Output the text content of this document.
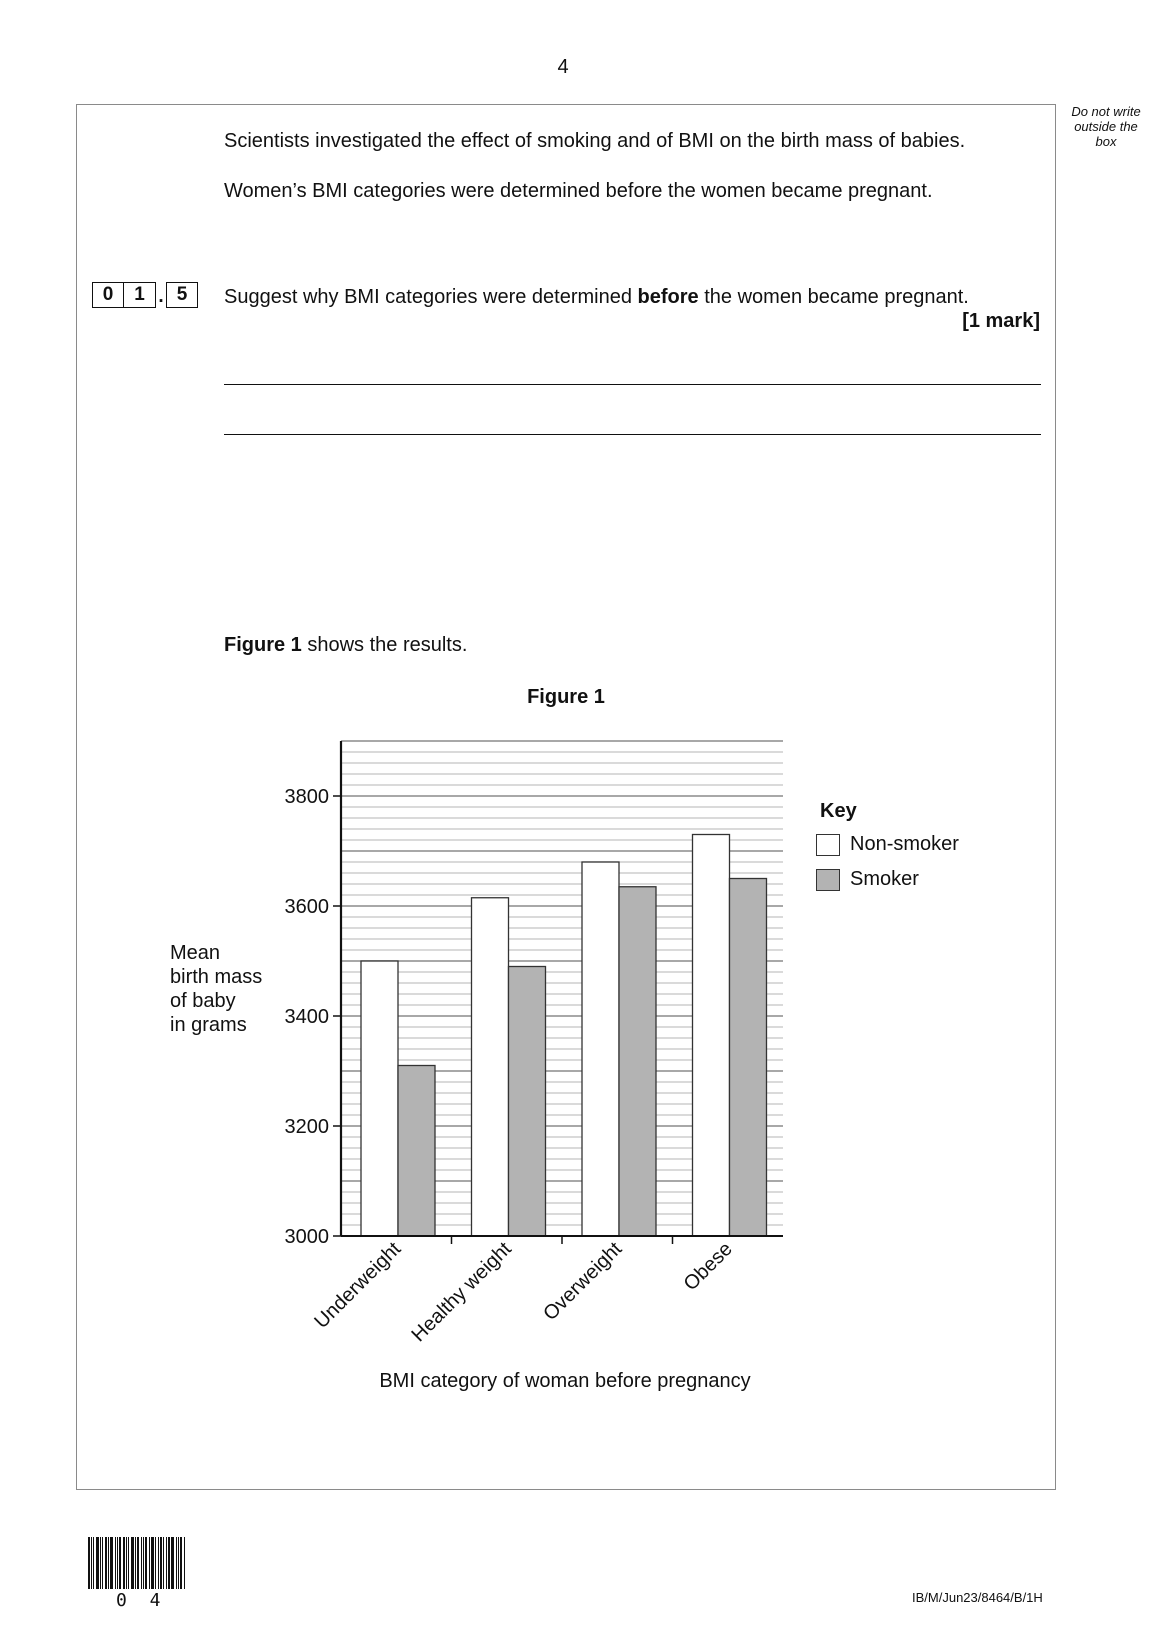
4
Do not write outside the box
Scientists investigated the effect of smoking and of BMI on the birth mass of babies.
Women’s BMI categories were determined before the women became pregnant.
0	1 . 5	Suggest why BMI categories were determined before the women became pregnant.
[1 mark]
Figure 1 shows the results.
Figure 1
3000
3200
3400
3600
3800
Underweight Healthy weight Overweight	Obese
Mean
birth mass
of baby
in grams
BMI category of woman before pregnancy
Key
Non-smoker
Smoker
0 4	IB/M/Jun23/8464/B/1H
